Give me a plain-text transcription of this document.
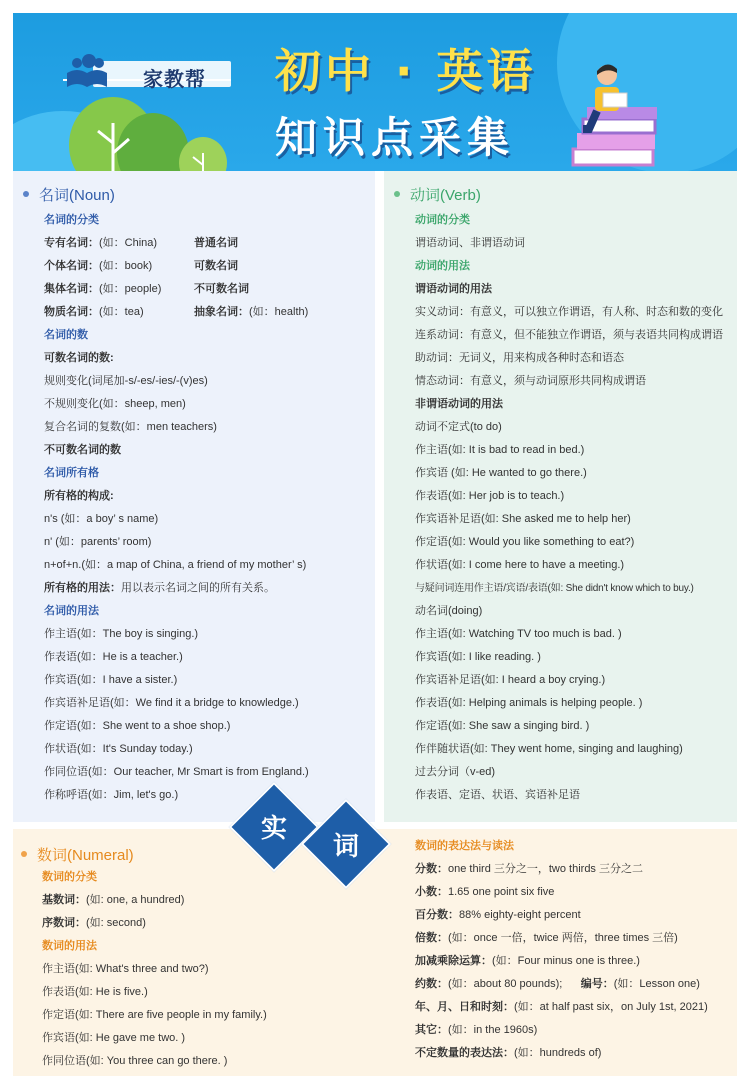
家教帮 初中 · 英语
知识点采集
名词(Noun)
名词的分类
专有名词：(如：China)	普通名词
个体名词：(如：book)	可数名词
集体名词：(如：people)	不可数名词
物质名词：(如：tea)	抽象名词：(如：health)
名词的数
可数名词的数:
规则变化(词尾加-s/-es/-ies/-(v)es)
不规则变化(如：sheep, men)
复合名词的复数(如：men teachers)
不可数名词的数
名词所有格
所有格的构成:
n's (如：a boy’ s name)
n' (如：parents’ room)
n+of+n.(如：a map of China, a friend of my mother’ s)
所有格的用法：用以表示名词之间的所有关系。
名词的用法
作主语(如：The boy is singing.)
作表语(如：He is a teacher.)
作宾语(如：I have a sister.)
作宾语补足语(如：We find it a bridge to knowledge.)
作定语(如：She went to a shoe shop.)
作状语(如：It's Sunday today.)
作同位语(如：Our teacher, Mr Smart is from England.)
作称呼语(如：Jim, let's go.)
动词(Verb)
动词的分类
谓语动词、非谓语动词
动词的用法
谓语动词的用法
实义动词：有意义，可以独立作谓语，有人称、时态和数的变化
连系动词：有意义，但不能独立作谓语，须与表语共同构成谓语
助动词：无词义，用来构成各种时态和语态
情态动词：有意义，须与动词原形共同构成谓语
非谓语动词的用法
动词不定式(to do)
作主语(如: It is bad to read in bed.)
作宾语 (如: He wanted to go there.)
作表语(如: Her job is to teach.)
作宾语补足语(如: She asked me to help her)
作定语(如: Would you like something to eat?)
作状语(如: I come here to have a meeting.)
与疑问词连用作主语/宾语/表语(如: She didn't know which to buy.)
动名词(doing)
作主语(如: Watching TV too much is bad. )
作宾语(如: I like reading. )
作宾语补足语(如: I heard a boy crying.)
作表语(如: Helping animals is helping people. )
作定语(如: She saw a singing bird. )
作伴随状语(如: They went home, singing and laughing)
过去分词（v-ed)
作表语、定语、状语、宾语补足语
数词(Numeral)
数词的分类
基数词：(如: one, a hundred)
序数词：(如: second)
数词的用法
作主语(如: What's three and two?)
作表语(如: He is five.)
作定语(如: There are five people in my family.)
作宾语(如: He gave me two. )
作同位语(如: You three can go there. )
数词的表达法与读法
分数：one third 三分之一，two thirds 三分之二
小数：1.65 one point six five
百分数：88% eighty-eight percent
倍数：(如：once 一倍，twice 两倍，three times 三倍)
加减乘除运算：(如：Four minus one is three.)
约数：(如：about 80 pounds); 编号：(如：Lesson one)
年、月、日和时刻：(如：at half past six，on July 1st, 2021)
其它：(如：in the 1960s)
不定数量的表达法：(如：hundreds of)
实
词
